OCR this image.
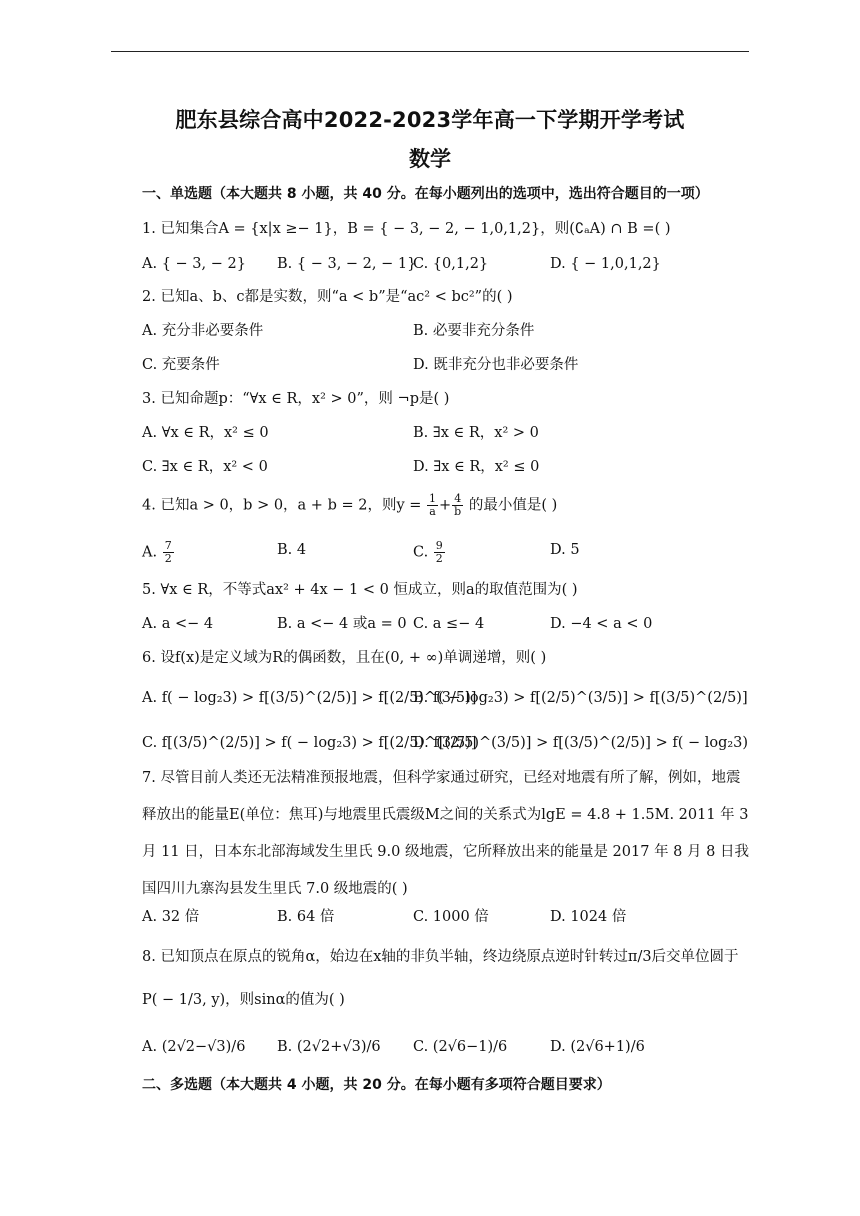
肥东县综合高中2022-2023学年高一下学期开学考试
数学
一、单选题（本大题共 8 小题，共 40 分。在每小题列出的选项中，选出符合题目的一项）
1. 已知集合A = {x|x ≥− 1}，B = { − 3, − 2, − 1,0,1,2}，则(∁ₐA) ∩ B =( )
A. { − 3, − 2} B. { − 3, − 2, − 1}
C. {0,1,2}	D. { − 1,0,1,2}
2. 已知a、b、c都是实数，则“a < b”是“ac² < bc²”的( )
A. 充分非必要条件	B. 必要非充分条件
C. 充要条件	D. 既非充分也非必要条件
3. 已知命题p：“∀x ∈ R，x² > 0”，则 ¬p是( )
A. ∀x ∈ R，x² ≤ 0	B. ∃x ∈ R，x² > 0
C. ∃x ∈ R，x² < 0	D. ∃x ∈ R，x² ≤ 0
4. 已知a > 0，b > 0，a + b = 2，则$y = \frac{1}{a} + \frac{4}{b}$ 的最小值是( )
A. $\frac{7}{2}$	B. 4	C. $\frac{9}{2}$	D. 5
5. ∀x ∈ R，不等式ax² + 4x − 1 < 0 恒成立，则a的取值范围为( )
A. a <− 4	B. a <− 4 或a = 0 C. a ≤− 4	D. −4 < a < 0
6. 设f(x)是定义域为R的偶函数，且在(0, + ∞)单调递增，则( )
A. f( − log₂3) > f[(3/5)^(2/5)] > f[(2/5)^(3/5)]
B. f( − log₂3) > f[(2/5)^(3/5)] > f[(3/5)^(2/5)]
C. f[(3/5)^(2/5)] > f( − log₂3) > f[(2/5)^(3/5)]
D. f[(2/5)^(3/5)] > f[(3/5)^(2/5)] > f( − log₂3)
7. 尽管目前人类还无法精准预报地震，但科学家通过研究，已经对地震有所了解，例如，地震释放出的能量E(单位：焦耳)与地震里氏震级M之间的关系式为lgE = 4.8 + 1.5M. 2011 年 3 月 11 日，日本东北部海域发生里氏 9.0 级地震，它所释放出来的能量是 2017 年 8 月 8 日我国四川九寨沟县发生里氏 7.0 级地震的( )
A. 32 倍	B. 64 倍	C. 1000 倍	D. 1024 倍
8. 已知顶点在原点的锐角α，始边在x轴的非负半轴，终边绕原点逆时针转过π/3后交单位圆于
P( − 1/3, y)，则sinα的值为( )
A. (2√2−√3)/6 B. (2√2+√3)/6 C. (2√6−1)/6	D. (2√6+1)/6
二、多选题（本大题共 4 小题，共 20 分。在每小题有多项符合题目要求）
